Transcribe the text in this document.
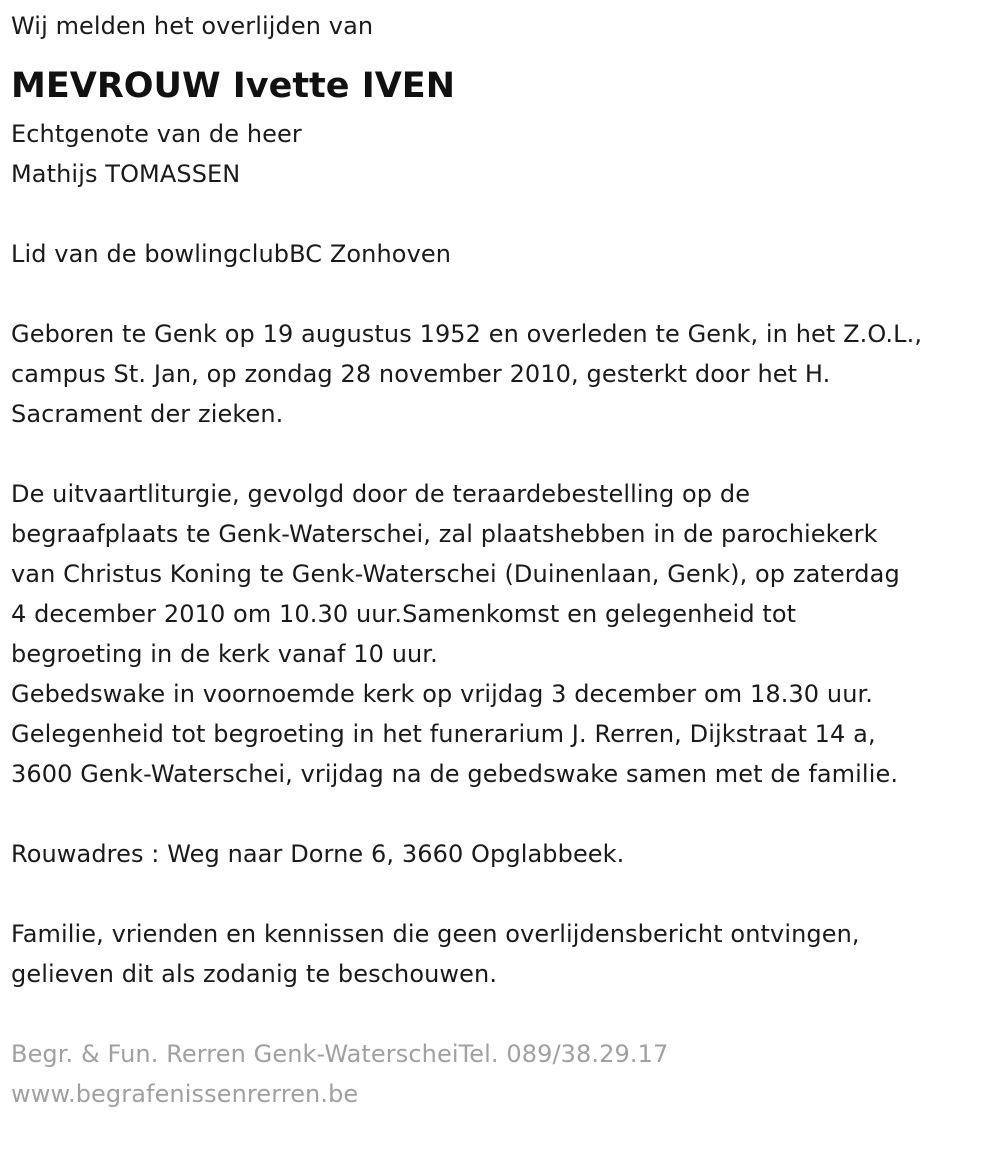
Wij melden het overlijden van
MEVROUW Ivette IVEN
Echtgenote van de heer
Mathijs TOMASSEN
Lid van de bowlingclubBC Zonhoven
Geboren te Genk op 19 augustus 1952 en overleden te Genk, in het Z.O.L.,
campus St. Jan, op zondag 28 november 2010, gesterkt door het H.
Sacrament der zieken.
De uitvaartliturgie, gevolgd door de teraardebestelling op de
begraafplaats te Genk-Waterschei, zal plaatshebben in de parochiekerk
van Christus Koning te Genk-Waterschei (Duinenlaan, Genk), op zaterdag
4 december 2010 om 10.30 uur.Samenkomst en gelegenheid tot
begroeting in de kerk vanaf 10 uur.
Gebedswake in voornoemde kerk op vrijdag 3 december om 18.30 uur.
Gelegenheid tot begroeting in het funerarium J. Rerren, Dijkstraat 14 a,
3600 Genk-Waterschei, vrijdag na de gebedswake samen met de familie.
Rouwadres : Weg naar Dorne 6, 3660 Opglabbeek.
Familie, vrienden en kennissen die geen overlijdensbericht ontvingen,
gelieven dit als zodanig te beschouwen.
Begr. & Fun. Rerren Genk-WaterscheiTel. 089/38.29.17
www.begrafenissenrerren.be
